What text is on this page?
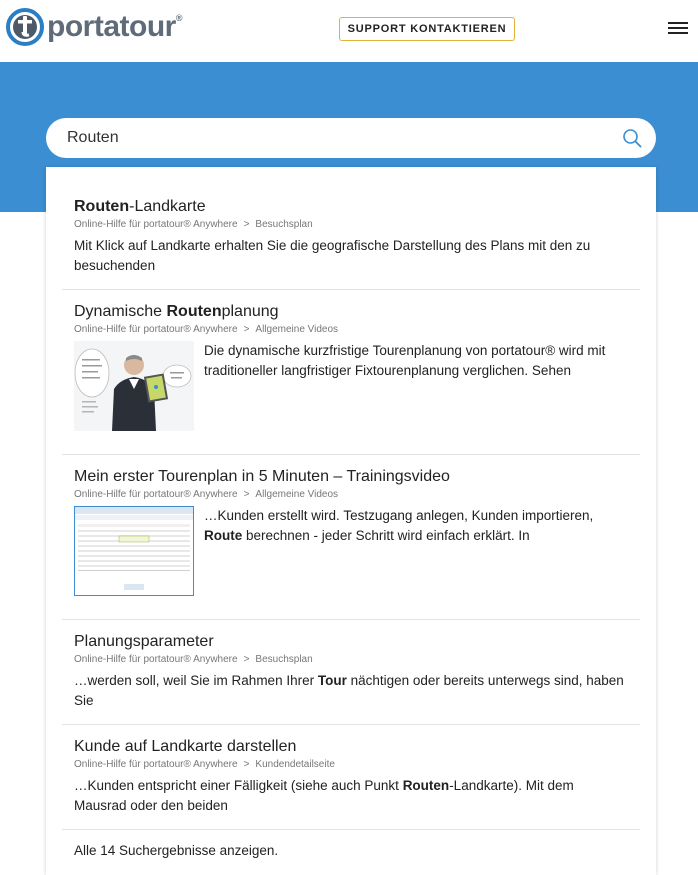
portatour®
SUPPORT KONTAKTIEREN
Routen
Routen-Landkarte
Online-Hilfe für portatour® Anywhere > Besuchsplan
Mit Klick auf Landkarte erhalten Sie die geografische Darstellung des Plans mit den zu besuchenden
Dynamische Routenplanung
Online-Hilfe für portatour® Anywhere > Allgemeine Videos
Die dynamische kurzfristige Tourenplanung von portatour® wird mit traditioneller langfristiger Fixtourenplanung verglichen. Sehen
Mein erster Tourenplan in 5 Minuten – Trainingsvideo
Online-Hilfe für portatour® Anywhere > Allgemeine Videos
…Kunden erstellt wird. Testzugang anlegen, Kunden importieren, Route berechnen - jeder Schritt wird einfach erklärt. In
Planungsparameter
Online-Hilfe für portatour® Anywhere > Besuchsplan
…werden soll, weil Sie im Rahmen Ihrer Tour nächtigen oder bereits unterwegs sind, haben Sie
Kunde auf Landkarte darstellen
Online-Hilfe für portatour® Anywhere > Kundendetailseite
…Kunden entspricht einer Fälligkeit (siehe auch Punkt Routen-Landkarte). Mit dem Mausrad oder den beiden
Alle 14 Suchergebnisse anzeigen.
